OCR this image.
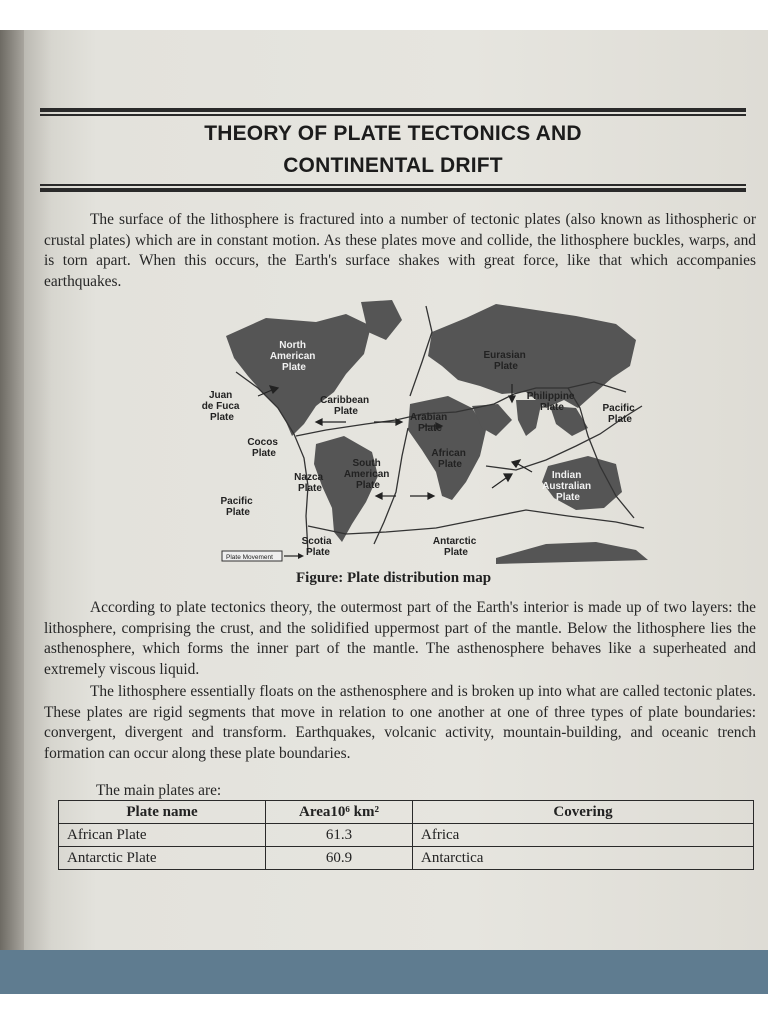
THEORY OF PLATE TECTONICS AND
CONTINENTAL DRIFT

The surface of the lithosphere is fractured into a number of tectonic plates (also known as lithospheric or crustal plates) which are in constant motion. As these plates move and collide, the lithosphere buckles, warps, and is torn apart. When this occurs, the Earth's surface shakes with great force, like that which accompanies earthquakes.

North American Plate
Eurasian Plate
Juan de Fuca Plate
Caribbean Plate
Arabian Plate
Philippine Plate	Pacific Plate
Cocos Plate	African Plate
Nazca Plate
South American Plate
Indian Australian Plate
Pacific Plate
Scotia Plate
Antarctic Plate
Plate Movement
Figure: Plate distribution map

According to plate tectonics theory, the outermost part of the Earth's interior is made up of two layers: the lithosphere, comprising the crust, and the solidified uppermost part of the mantle. Below the lithosphere lies the asthenosphere, which forms the inner part of the mantle. The asthenosphere behaves like a superheated and extremely viscous liquid.

The lithosphere essentially floats on the asthenosphere and is broken up into what are called tectonic plates. These plates are rigid segments that move in relation to one another at one of three types of plate boundaries: convergent, divergent and transform. Earthquakes, volcanic activity, mountain-building, and oceanic trench formation can occur along these plate boundaries.

The main plates are:
Plate name	Area10⁶ km²	Covering
African Plate	61.3	Africa
Antarctic Plate	60.9	Antarctica
